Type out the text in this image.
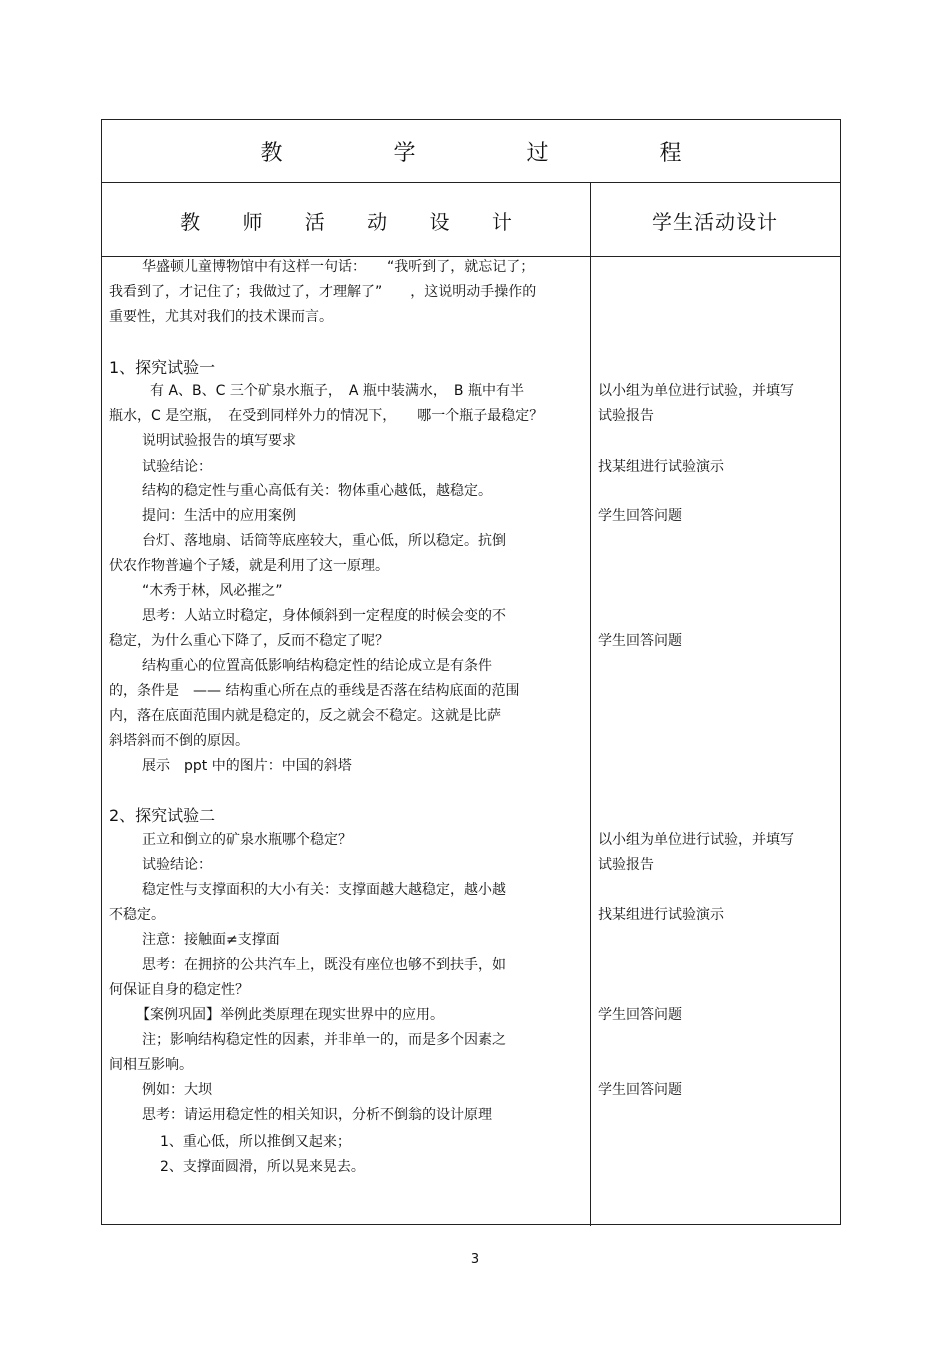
教 学 过 程
教 师 活 动 设 计	学生活动设计
华盛顿儿童博物馆中有这样一句话：　　“我听到了，就忘记了；
我看到了，才记住了；我做过了，才理解了”　　，这说明动手操作的
重要性，尤其对我们的技术课而言。
1、探究试验一
有 A、B、C 三个矿泉水瓶子，　A 瓶中装满水，　B 瓶中有半
瓶水，C 是空瓶，　在受到同样外力的情况下，　　哪一个瓶子最稳定？
说明试验报告的填写要求
试验结论：
结构的稳定性与重心高低有关：物体重心越低，越稳定。
提问：生活中的应用案例
台灯、落地扇、话筒等底座较大，重心低，所以稳定。抗倒
伏农作物普遍个子矮，就是利用了这一原理。
“木秀于林，风必摧之”
思考：人站立时稳定，身体倾斜到一定程度的时候会变的不
稳定，为什么重心下降了，反而不稳定了呢？
结构重心的位置高低影响结构稳定性的结论成立是有条件
的，条件是　—— 结构重心所在点的垂线是否落在结构底面的范围
内，落在底面范围内就是稳定的，反之就会不稳定。这就是比萨
斜塔斜而不倒的原因。
展示　ppt 中的图片：中国的斜塔
2、探究试验二
正立和倒立的矿泉水瓶哪个稳定？
试验结论：
稳定性与支撑面积的大小有关：支撑面越大越稳定，越小越
不稳定。
注意：接触面≠支撑面
思考：在拥挤的公共汽车上，既没有座位也够不到扶手，如
何保证自身的稳定性？
【案例巩固】举例此类原理在现实世界中的应用。
注；影响结构稳定性的因素，并非单一的，而是多个因素之
间相互影响。
例如：大坝
思考：请运用稳定性的相关知识，分析不倒翁的设计原理
1、重心低，所以推倒又起来；
2、支撑面圆滑，所以晃来晃去。
以小组为单位进行试验，并填写
试验报告
找某组进行试验演示
学生回答问题
学生回答问题
以小组为单位进行试验，并填写
试验报告
找某组进行试验演示
学生回答问题
学生回答问题
3
